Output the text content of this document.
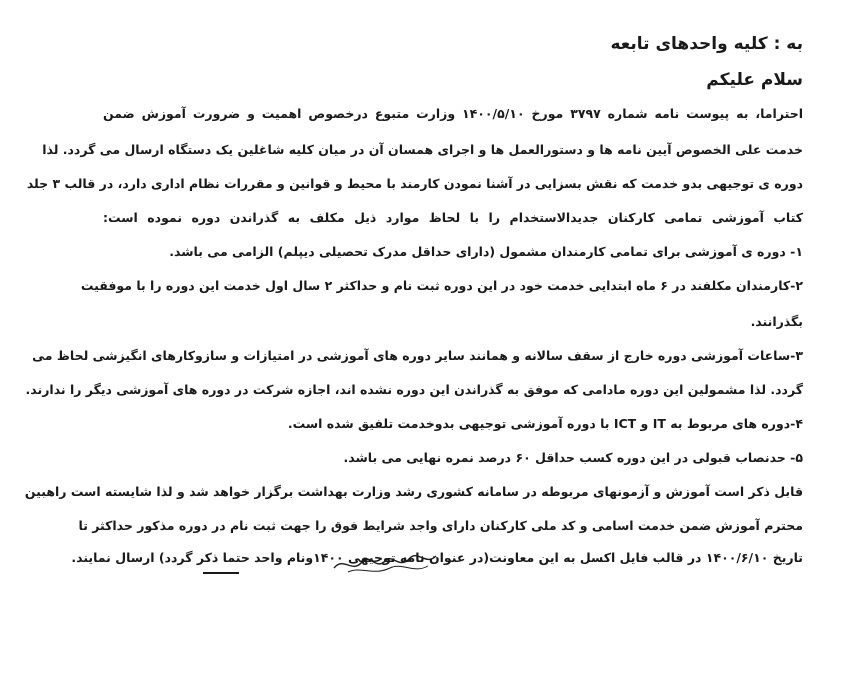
به : کلیه واحدهای تابعه
سلام علیکم
احتراما، به پیوست نامه شماره ۳۷۹۷ مورخ ۱۴۰۰/۵/۱۰ وزارت متبوع درخصوص اهمیت و ضرورت آموزش ضمن
خدمت علی الخصوص آیین نامه ها و دستورالعمل ها و اجرای همسان آن در میان کلیه شاغلین یک دستگاه ارسال می گردد. لذا
دوره ی توجیهی بدو خدمت که نقش بسزایی در آشنا نمودن کارمند با محیط و قوانین و مقررات نظام اداری دارد، در قالب ۳ جلد
کتاب آموزشی تمامی کارکنان جدیدالاستخدام را با لحاظ موارد ذیل مکلف به گذراندن دوره نموده است:
۱- دوره ی آموزشی برای تمامی کارمندان مشمول (دارای حداقل مدرک تحصیلی دیپلم) الزامی می باشد.
۲-کارمندان مکلفند در ۶ ماه ابتدایی خدمت خود در این دوره ثبت نام و حداکثر ۲ سال اول خدمت این دوره را با موفقیت
بگذرانند.
۳-ساعات آموزشی دوره خارج از سقف سالانه و همانند سایر دوره های آموزشی در امتیازات و سازوکارهای انگیزشی لحاظ می
گردد. لذا مشمولین این دوره مادامی که موفق به گذراندن این دوره نشده اند، اجازه شرکت در دوره های آموزشی دیگر را ندارند.
۴-دوره های مربوط به IT و ICT با دوره آموزشی توجیهی بدوخدمت تلفیق شده است.
۵- حدنصاب قبولی در این دوره کسب حداقل ۶۰ درصد نمره نهایی می باشد.
قابل ذکر است آموزش و آزمونهای مربوطه در سامانه کشوری رشد وزارت بهداشت برگزار خواهد شد و لذا شایسته است راهبین
محترم آموزش ضمن خدمت اسامی و کد ملی کارکنان دارای واجد شرایط فوق را جهت ثبت نام در دوره مذکور حداکثر تا
تاریخ ۱۴۰۰/۶/۱۰ در قالب فایل اکسل به این معاونت(در عنوان نامه توجیهی ۱۴۰۰ونام واحد حتما ذکر گردد) ارسال نمایند.
